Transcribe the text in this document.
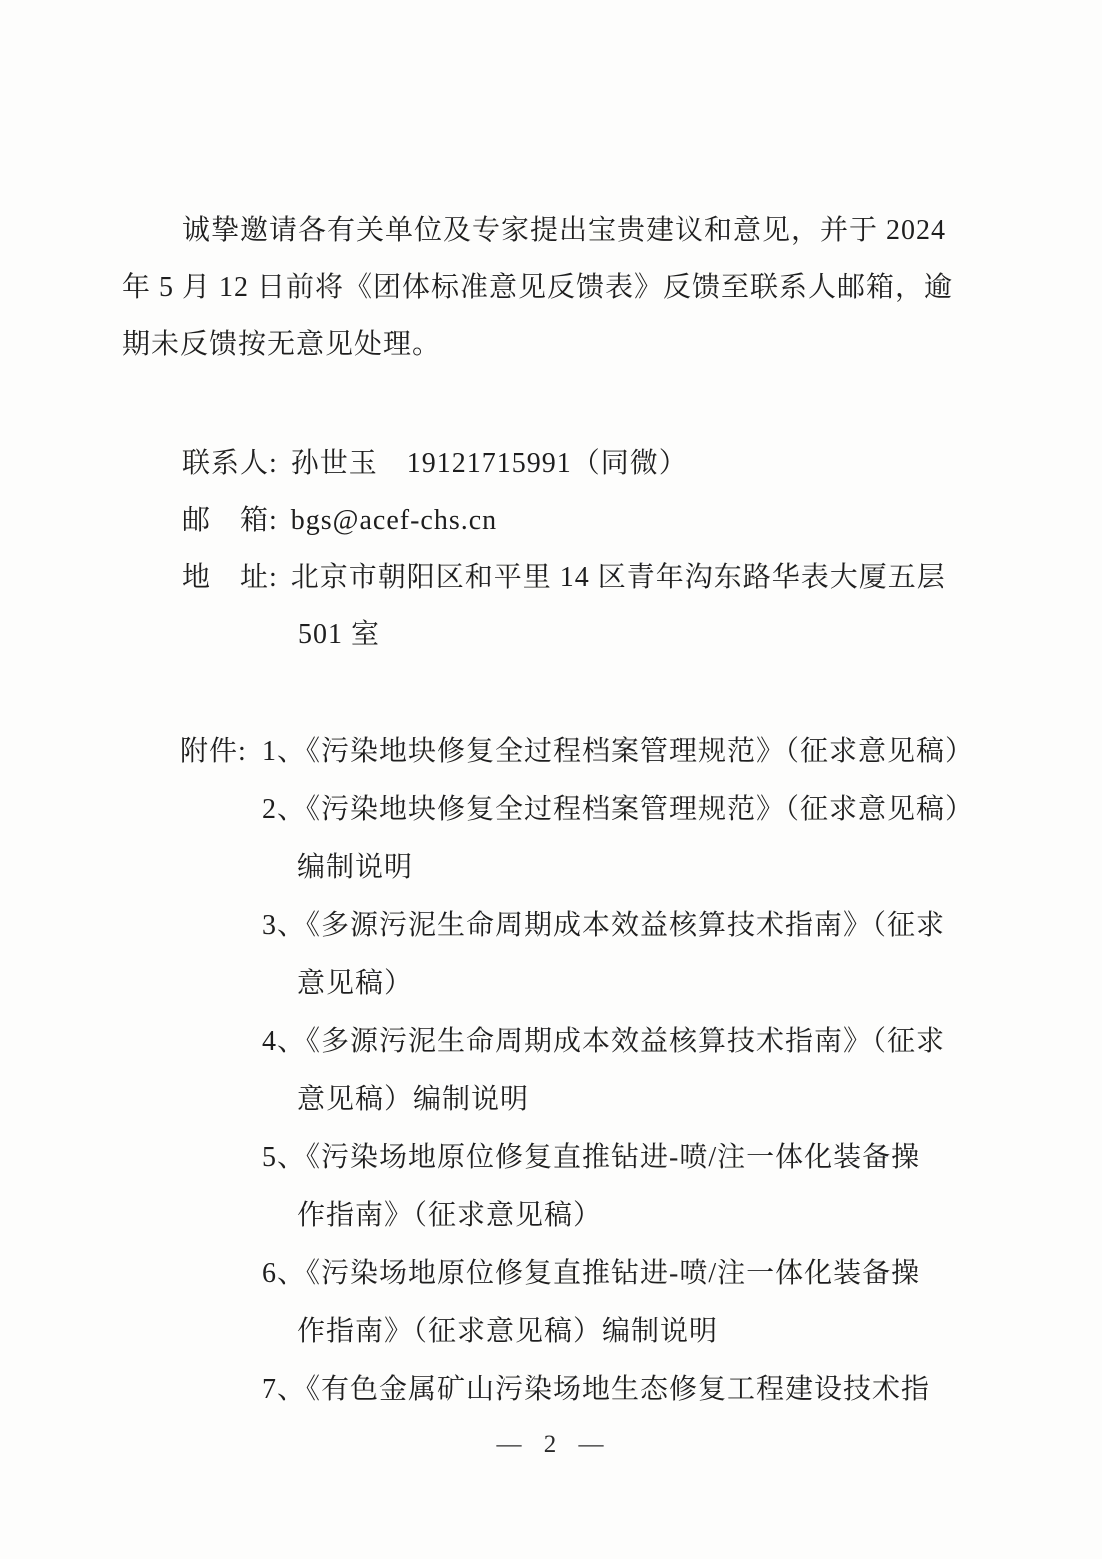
诚挚邀请各有关单位及专家提出宝贵建议和意见，并于 2024
年 5 月 12 日前将《团体标准意见反馈表》反馈至联系人邮箱，逾
期未反馈按无意见处理。
联系人: 孙世玉　19121715991（同微）
邮　箱: bgs@acef-chs.cn
地　址: 北京市朝阳区和平里 14 区青年沟东路华表大厦五层
501 室
附件: 1、《污染地块修复全过程档案管理规范》（征求意见稿）
2、《污染地块修复全过程档案管理规范》（征求意见稿）
编制说明
3、《多源污泥生命周期成本效益核算技术指南》（征求
意见稿）
4、《多源污泥生命周期成本效益核算技术指南》（征求
意见稿）编制说明
5、《污染场地原位修复直推钻进-喷/注一体化装备操
作指南》（征求意见稿）
6、《污染场地原位修复直推钻进-喷/注一体化装备操
作指南》（征求意见稿）编制说明
7、《有色金属矿山污染场地生态修复工程建设技术指
— 2 —
